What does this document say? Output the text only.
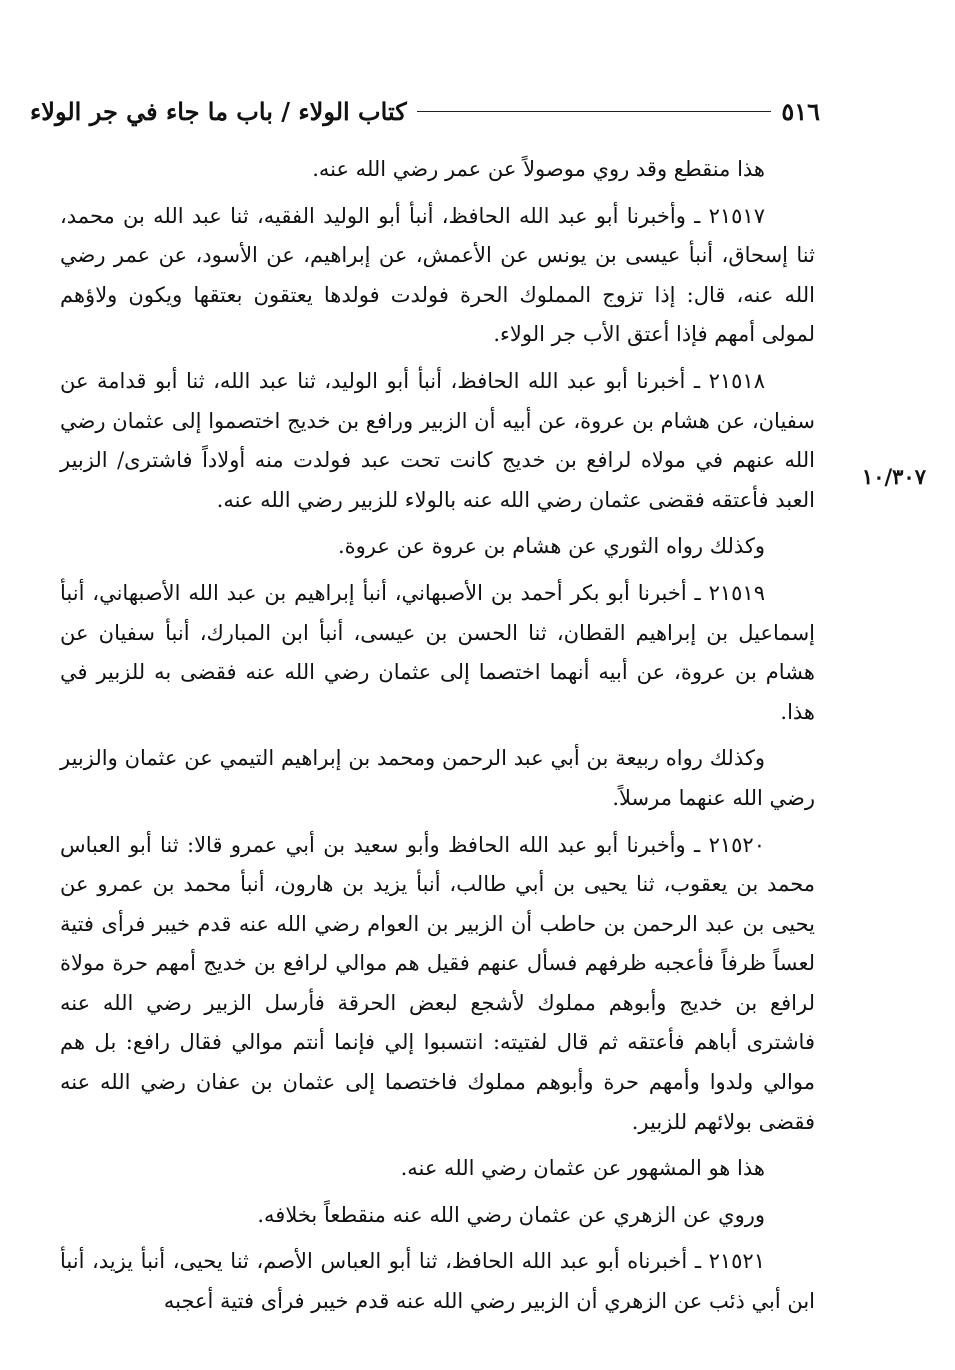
٥١٦
كتاب الولاء / باب ما جاء في جر الولاء
١٠/٣٠٧

هذا منقطع وقد روي موصولاً عن عمر رضي الله عنه.

٢١٥١٧ ـ وأخبرنا أبو عبد الله الحافظ، أنبأ أبو الوليد الفقيه، ثنا عبد الله بن محمد، ثنا إسحاق، أنبأ عيسى بن يونس عن الأعمش، عن إبراهيم، عن الأسود، عن عمر رضي الله عنه، قال: إذا تزوج المملوك الحرة فولدت فولدها يعتقون بعتقها ويكون ولاؤهم لمولى أمهم فإذا أعتق الأب جر الولاء.

٢١٥١٨ ـ أخبرنا أبو عبد الله الحافظ، أنبأ أبو الوليد، ثنا عبد الله، ثنا أبو قدامة عن سفيان، عن هشام بن عروة، عن أبيه أن الزبير ورافع بن خديج اختصموا إلى عثمان رضي الله عنهم في مولاه لرافع بن خديج كانت تحت عبد فولدت منه أولاداً فاشترى/ الزبير العبد فأعتقه فقضى عثمان رضي الله عنه بالولاء للزبير رضي الله عنه.

وكذلك رواه الثوري عن هشام بن عروة عن عروة.

٢١٥١٩ ـ أخبرنا أبو بكر أحمد بن الأصبهاني، أنبأ إبراهيم بن عبد الله الأصبهاني، أنبأ إسماعيل بن إبراهيم القطان، ثنا الحسن بن عيسى، أنبأ ابن المبارك، أنبأ سفيان عن هشام بن عروة، عن أبيه أنهما اختصما إلى عثمان رضي الله عنه فقضى به للزبير في هذا.

وكذلك رواه ربيعة بن أبي عبد الرحمن ومحمد بن إبراهيم التيمي عن عثمان والزبير رضي الله عنهما مرسلاً.

٢١٥٢٠ ـ وأخبرنا أبو عبد الله الحافظ وأبو سعيد بن أبي عمرو قالا: ثنا أبو العباس محمد بن يعقوب، ثنا يحيى بن أبي طالب، أنبأ يزيد بن هارون، أنبأ محمد بن عمرو عن يحيى بن عبد الرحمن بن حاطب أن الزبير بن العوام رضي الله عنه قدم خيبر فرأى فتية لعساً ظرفاً فأعجبه ظرفهم فسأل عنهم فقيل هم موالي لرافع بن خديج أمهم حرة مولاة لرافع بن خديج وأبوهم مملوك لأشجع لبعض الحرقة فأرسل الزبير رضي الله عنه فاشترى أباهم فأعتقه ثم قال لفتيته: انتسبوا إلي فإنما أنتم موالي فقال رافع: بل هم موالي ولدوا وأمهم حرة وأبوهم مملوك فاختصما إلى عثمان بن عفان رضي الله عنه فقضى بولائهم للزبير.

هذا هو المشهور عن عثمان رضي الله عنه.

وروي عن الزهري عن عثمان رضي الله عنه منقطعاً بخلافه.

٢١٥٢١ ـ أخبرناه أبو عبد الله الحافظ، ثنا أبو العباس الأصم، ثنا يحيى، أنبأ يزيد، أنبأ ابن أبي ذئب عن الزهري أن الزبير رضي الله عنه قدم خيبر فرأى فتية أعجبه
